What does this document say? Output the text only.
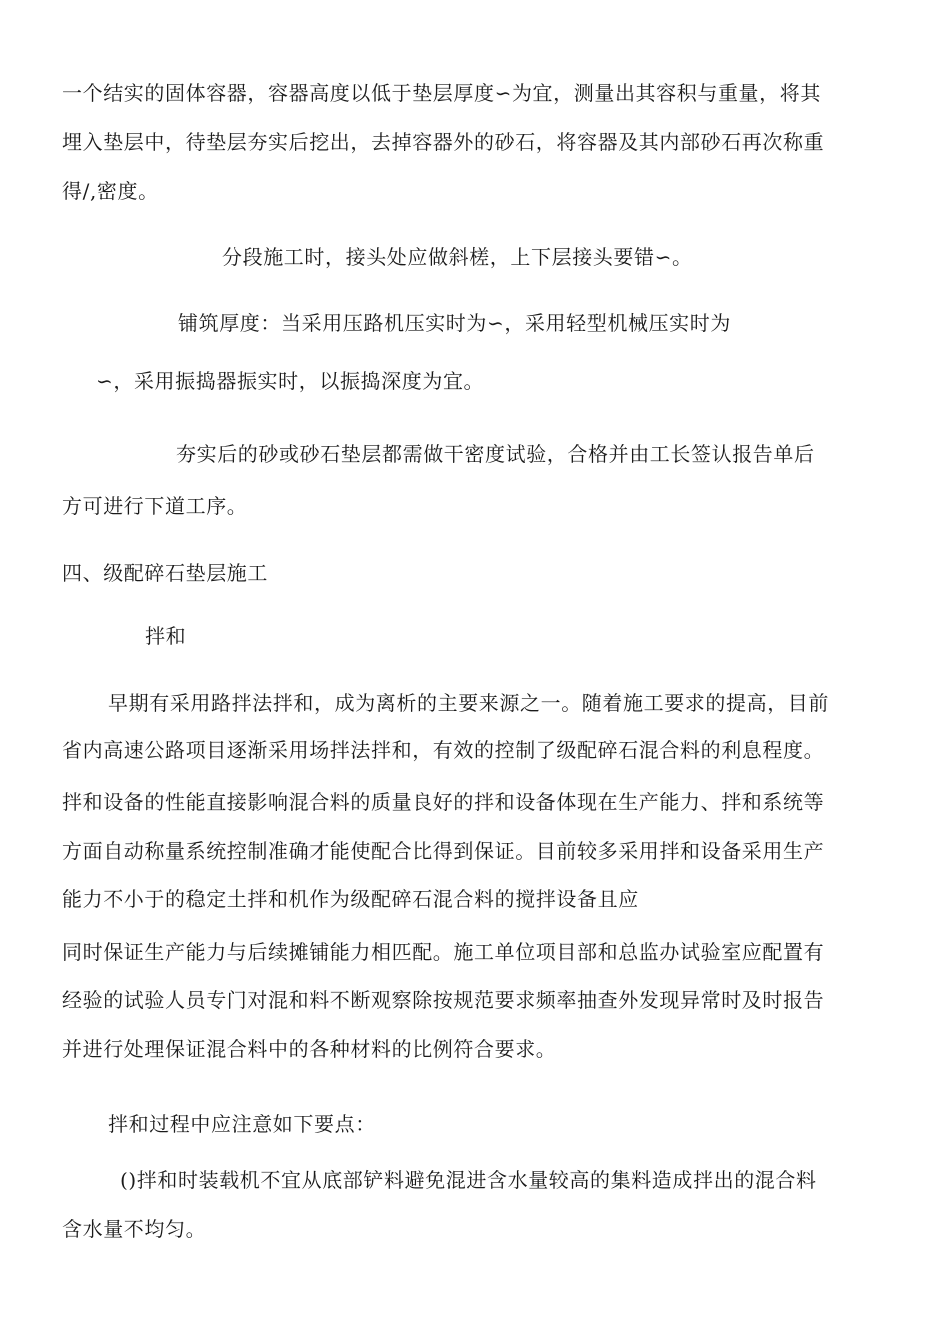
一个结实的固体容器，容器高度以低于垫层厚度∽为宜，测量出其容积与重量，将其
埋入垫层中，待垫层夯实后挖出，去掉容器外的砂石，将容器及其内部砂石再次称重
得/,密度。
分段施工时，接头处应做斜槎，上下层接头要错∽。
铺筑厚度：当采用压路机压实时为∽，采用轻型机械压实时为
∽，采用振捣器振实时，以振捣深度为宜。
夯实后的砂或砂石垫层都需做干密度试验，合格并由工长签认报告单后
方可进行下道工序。
四、级配碎石垫层施工
拌和
早期有采用路拌法拌和，成为离析的主要来源之一。随着施工要求的提高，目前
省内高速公路项目逐渐采用场拌法拌和，有效的控制了级配碎石混合料的利息程度。
拌和设备的性能直接影响混合料的质量良好的拌和设备体现在生产能力、拌和系统等
方面自动称量系统控制准确才能使配合比得到保证。目前较多采用拌和设备采用生产
能力不小于的稳定土拌和机作为级配碎石混合料的搅拌设备且应
同时保证生产能力与后续摊铺能力相匹配。施工单位项目部和总监办试验室应配置有
经验的试验人员专门对混和料不断观察除按规范要求频率抽查外发现异常时及时报告
并进行处理保证混合料中的各种材料的比例符合要求。
拌和过程中应注意如下要点：
()拌和时装载机不宜从底部铲料避免混进含水量较高的集料造成拌出的混合料
含水量不均匀。
